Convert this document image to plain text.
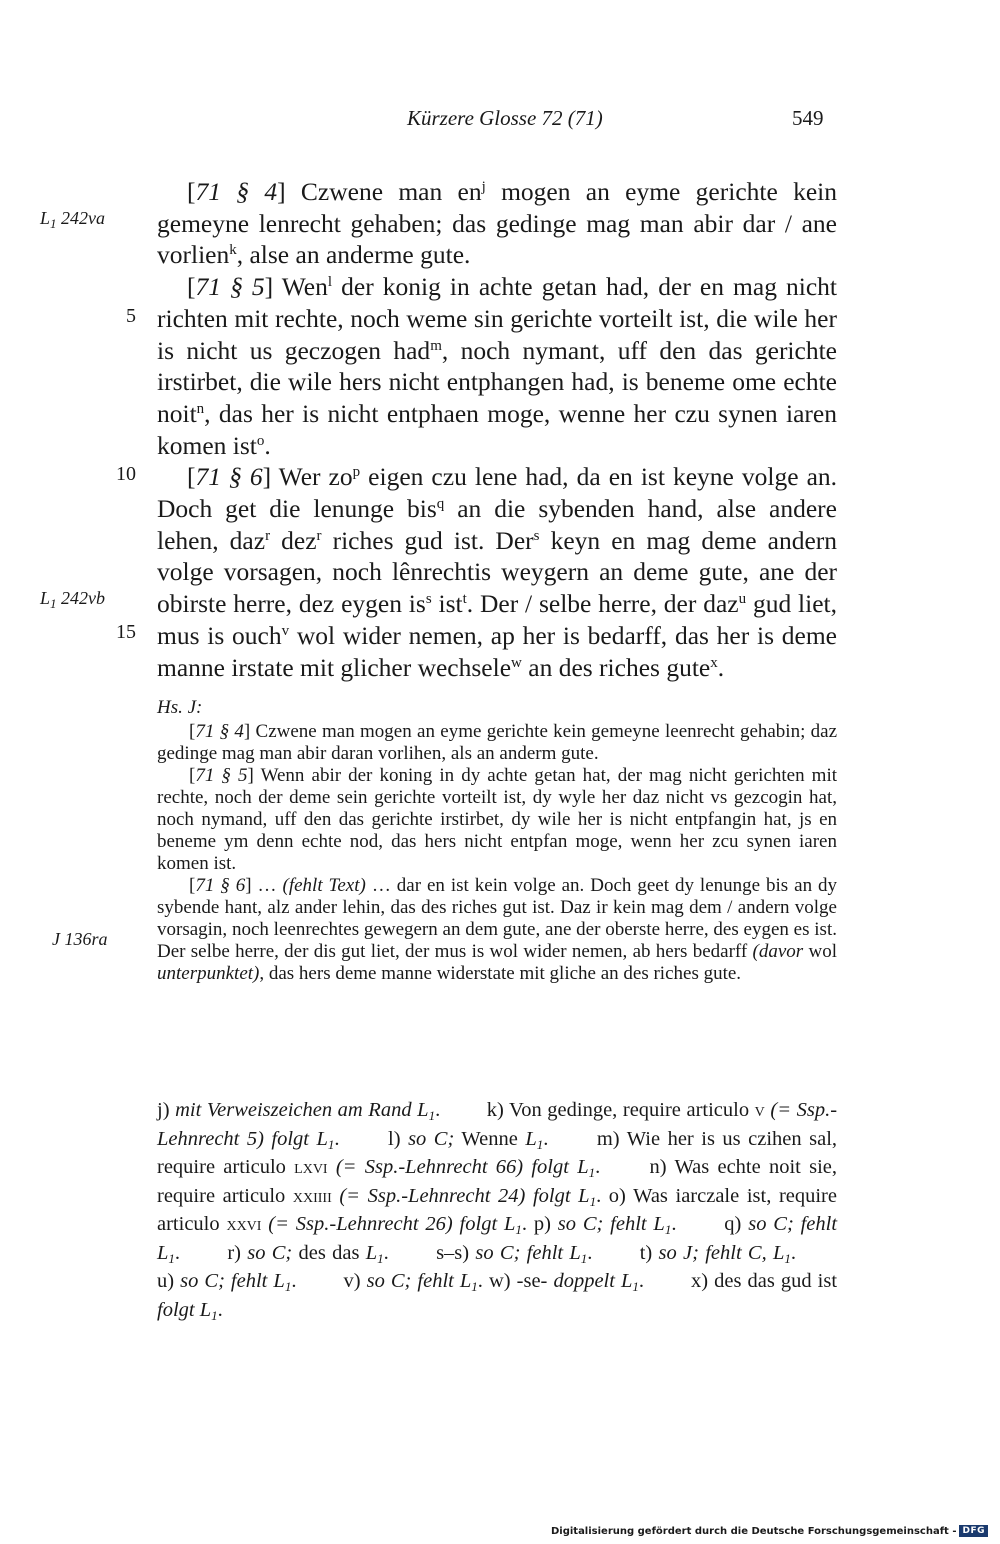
Kürzere Glosse 72 (71)	549
$L_1$ 242va
$L_1$ 242vb
J 136ra
5
10
15

[71 § 4] Czwene man $en^j$ mogen an eyme gerichte kein gemeyne lenrecht gehaben; das gedinge mag man abir dar / ane vorlien$^k$, alse an anderme gute.

[71 § 5] Wen$^l$ der konig in achte getan had, der en mag nicht richten mit rechte, noch weme sin gerichte vorteilt ist, die wile her is nicht us geczogen had$^m$, noch nymant, uff den das gerichte irstirbet, die wile hers nicht entphangen had, is beneme ome echte noit$^n$, das her is nicht entphaen moge, wenne her czu synen iaren komen ist$^o$.

[71 § 6] Wer $zo^p$ eigen czu lene had, da en ist keyne volge an. Doch get die lenunge bis$^q$ an die sybenden hand, alse andere lehen, daz$^r$ dez$^r$ riches gud ist. Der$^s$ keyn en mag deme andern volge vorsagen, noch lênrechtis weygern an deme gute, ane der obirste herre, dez eygen $is^s$ ist$^t$. Der / selbe herre, der daz$^u$ gud liet, mus is ouch$^v$ wol wider nemen, ap her is bedarff, das her is deme manne irstate mit glicher wechsele$^w$ an des riches gute$^x$.

Hs. J:

[71 § 4] Czwene man mogen an eyme gerichte kein gemeyne leenrecht gehabin; daz gedinge mag man abir daran vorlihen, als an anderm gute.

[71 § 5] Wenn abir der koning in dy achte getan hat, der mag nicht gerichten mit rechte, noch der deme sein gerichte vorteilt ist, dy wyle her daz nicht vs gezcogin hat, noch nymand, uff den das gerichte irstirbet, dy wile her is nicht entpfangin hat, js en beneme ym denn echte nod, das hers nicht entpfan moge, wenn her zcu synen iaren komen ist.

[71 § 6] … (fehlt Text) … dar en ist kein volge an. Doch geet dy lenunge bis an dy sybende hant, alz ander lehin, das des riches gut ist. Daz ir kein mag dem / andern volge vorsagin, noch leenrechtes gewegern an dem gute, ane der oberste herre, des eygen es ist. Der selbe herre, der dis gut liet, der mus is wol wider nemen, ab hers bedarff (davor wol unterpunktet), das hers deme manne widerstate mit gliche an des riches gute.

j) mit Verweiszeichen am Rand $L_1$.   k) Von gedinge, require articulo v (= Ssp.-Lehnrecht 5) folgt $L_1$.   l) so C; Wenne $L_1$.   m) Wie her is us czihen sal, require articulo lxvi (= Ssp.-Lehnrecht 66) folgt $L_1$.   n) Was echte noit sie, require articulo xxiiii (= Ssp.-Lehnrecht 24) folgt $L_1$. o) Was iarczale ist, require articulo xxvi (= Ssp.-Lehnrecht 26) folgt $L_1$. p) so C; fehlt $L_1$.   q) so C; fehlt $L_1$.   r) so C; des das $L_1$.   s–s) so C; fehlt $L_1$.   t) so J; fehlt C, $L_1$.   u) so C; fehlt $L_1$.   v) so C; fehlt $L_1$. w) -se- doppelt $L_1$.   x) des das gud ist folgt $L_1$.
Digitalisierung gefördert durch die Deutsche Forschungsgemeinschaft - DFG
